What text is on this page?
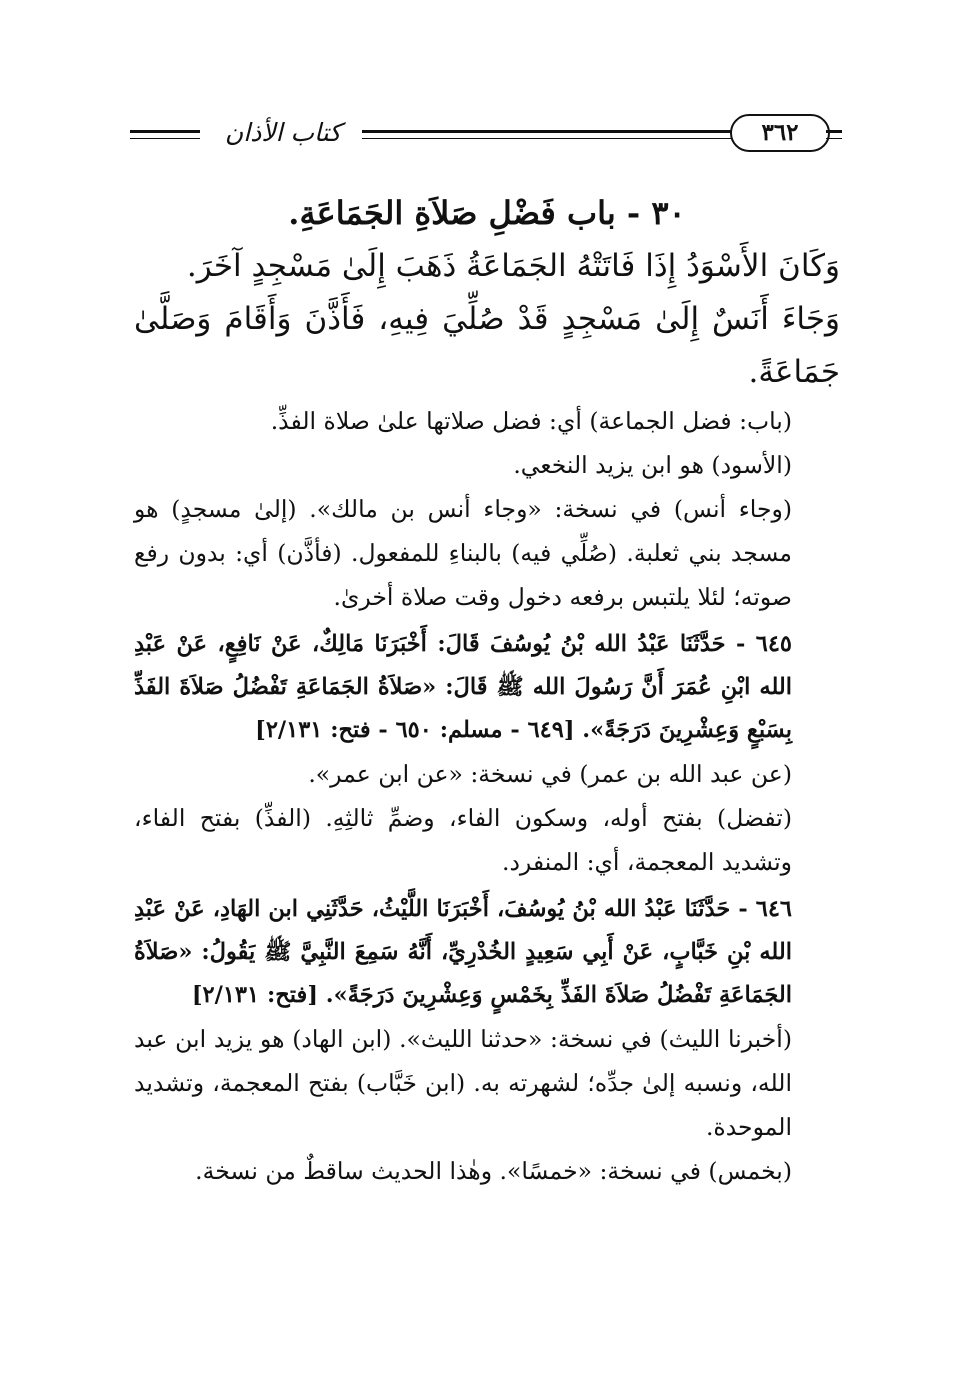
٣٦٢
كتاب الأذان

٣٠ - باب فَضْلِ صَلاَةِ الجَمَاعَةِ.

وَكَانَ الأَسْوَدُ إِذَا فَاتَتْهُ الجَمَاعَةُ ذَهَبَ إِلَىٰ مَسْجِدٍ آخَرَ.

وَجَاءَ أَنَسٌ إِلَىٰ مَسْجِدٍ قَدْ صُلِّيَ فِيهِ، فَأَذَّنَ وَأَقَامَ وَصَلَّىٰ جَمَاعَةً.

(باب: فضل الجماعة) أي: فضل صلاتها علىٰ صلاة الفذِّ.

(الأسود) هو ابن يزيد النخعي.

(وجاء أنس) في نسخة: «وجاء أنس بن مالك». (إلىٰ مسجدٍ) هو مسجد بني ثعلبة. (صُلِّي فيه) بالبناءِ للمفعول. (فأذَّن) أي: بدون رفع صوته؛ لئلا يلتبس برفعه دخول وقت صلاة أخرىٰ.

٦٤٥ - حَدَّثَنَا عَبْدُ الله بْنُ يُوسُفَ قَالَ: أَخْبَرَنَا مَالِكٌ، عَنْ نَافِعٍ، عَنْ عَبْدِ الله ابْنِ عُمَرَ أَنَّ رَسُولَ الله ﷺ قَالَ: «صَلاَةُ الجَمَاعَةِ تَفْضُلُ صَلاَةَ الفَذِّ بِسَبْعٍ وَعِشْرِينَ دَرَجَةً». [٦٤٩ - مسلم: ٦٥٠ - فتح: ٢/١٣١]

(عن عبد الله بن عمر) في نسخة: «عن ابن عمر».

(تفضل) بفتح أوله، وسكون الفاء، وضمِّ ثالثِهِ. (الفذِّ) بفتح الفاء، وتشديد المعجمة، أي: المنفرد.

٦٤٦ - حَدَّثَنَا عَبْدُ الله بْنُ يُوسُفَ، أَخْبَرَنَا اللَّيْثُ، حَدَّثَنِي ابن الهَادِ، عَنْ عَبْدِ الله بْنِ خَبَّابٍ، عَنْ أَبِي سَعِيدٍ الخُدْرِيِّ، أَنَّهُ سَمِعَ النَّبِيَّ ﷺ يَقُولُ: «صَلاَةُ الجَمَاعَةِ تَفْضُلُ صَلاَةَ الفَذِّ بِخَمْسٍ وَعِشْرِينَ دَرَجَةً». [فتح: ٢/١٣١]

(أخبرنا الليث) في نسخة: «حدثنا الليث». (ابن الهاد) هو يزيد ابن عبد الله، ونسبه إلىٰ جدِّه؛ لشهرته به. (ابن خَبَّاب) بفتح المعجمة، وتشديد الموحدة.

(بخمس) في نسخة: «خمسًا». وهٰذا الحديث ساقطٌ من نسخة.
